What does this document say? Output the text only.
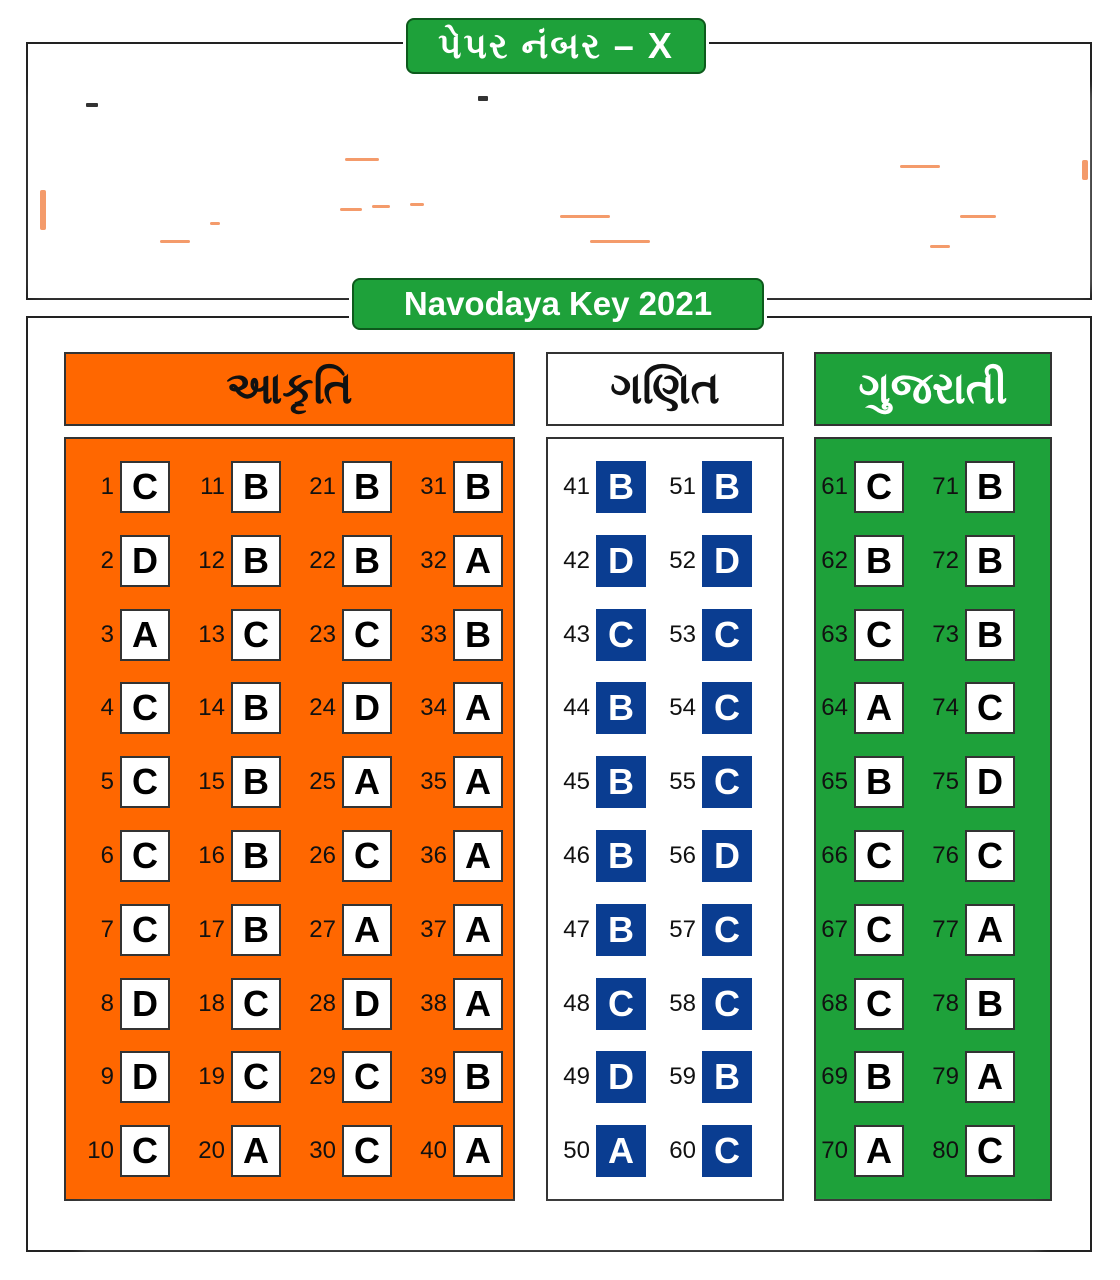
પેપર નંબર – X
Navodaya Key 2021
આકૃતિ	ગણિત	ગુજરાતી
1 C
2 D
3 A
4 C
5 C
6 C
7 C
8 D
9 D
10 C
11 B
12 B
13 C
14 B
15 B
16 B
17 B
18 C
19 C
20 A
21 B
22 B
23 C
24 D
25 A
26 C
27 A
28 D
29 C
30 C
31 B
32 A
33 B
34 A
35 A
36 A
37 A
38 A
39 B
40 A
41 B
42 D
43 C
44 B
45 B
46 B
47 B
48 C
49 D
50 A
51 B
52 D
53 C
54 C
55 C
56 D
57 C
58 C
59 B
60 C
61 C
62 B
63 C
64 A
65 B
66 C
67 C
68 C
69 B
70 A
71 B
72 B
73 B
74 C
75 D
76 C
77 A
78 B
79 A
80 C
